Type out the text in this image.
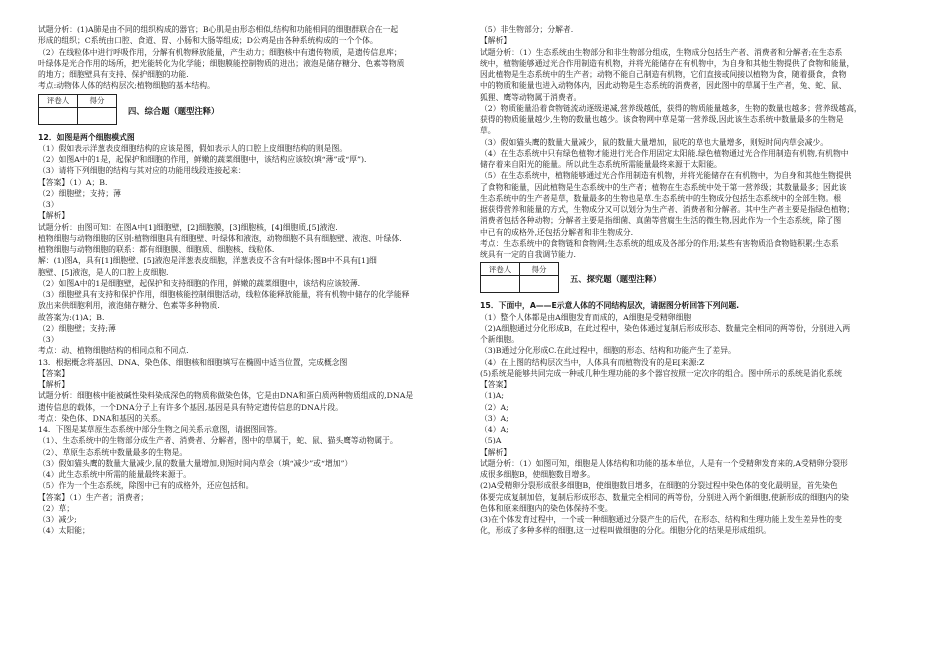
试题分析：(1)A肺是由不同的组织构成的器官；B心肌是由形态相似,结构和功能相同的细胞群联合在一起
形成的组织；C系统由口腔、食道、胃、小肠和大肠等组成；D公鸡是由各种系统构成的一个个体。
（2）在线粒体中进行呼吸作用，分解有机物释放能量，产生动力；细胞核中有遗传物质，是遗传信息库；
叶绿体是光合作用的场所，把光能转化为化学能；细胞膜能控制物质的进出；液泡是储存糖分、色素等物质
的地方；细胞壁具有支持、保护细胞的功能.
考点:动物体人体的结构层次;植物细胞的基本结构。
评卷人	得分

四、综合题（题型注释）
12．如图是两个细胞模式图
（1）假如表示洋葱表皮细胞结构的应该是图，假如表示人的口腔上皮细胞结构的则是图。
（2）如图A中的1是，起保护和细胞的作用，鲜嫩的蔬菜细胞中，该结构应该较(填“薄”或“厚”)．
（3）请将下列细胞的结构与其对应的功能用线段连接起来：
【答案】（1）A；B.
（2）细胞壁；支持；薄
（3）
【解析】
试题分析：由图可知：在图A中[1]细胞壁，[2]细胞膜，[3]细胞核，[4]细胞质,[5]液泡.
植物细胞与动物细胞的区别:植物细胞具有细胞壁、叶绿体和液泡，动物细胞不具有细胞壁、液泡、叶绿体.
植物细胞与动物细胞的联系：都有细胞膜、细胞质、细胞核、线粒体.
解：(1)图A，具有[1]细胞壁、[5]液泡是洋葱表皮细胞，洋葱表皮不含有叶绿体;图B中不具有[1]细
胞壁、[5]液泡，是人的口腔上皮细胞．
（2）如图A中的1是细胞壁，起保护和支持细胞的作用，鲜嫩的蔬菜细胞中，该结构应该较薄.
（3）细胞壁具有支持和保护作用，细胞核能控制细胞活动，线粒体能释放能量，将有机物中储存的化学能释
放出来供细胞利用，液泡储存糖分、色素等多种物质．
故答案为:(1)A；B.
（2）细胞壁；支持;薄
（3）
考点：动、植物细胞结构的相同点和不同点.
13．根据概念将基因、DNA、染色体、细胞核和细胞填写在椭圆中适当位置，完成概念图
【答案】
【解析】
试题分析：细胞核中能被碱性染料染成深色的物质称做染色体，它是由DNA和蛋白质两种物质组成的,DNA是
遗传信息的载体，一个DNA分子上有许多个基因,基因是具有特定遗传信息的DNA片段。
考点：染色体、DNA和基因的关系。
14．下图是某草原生态系统中部分生物之间关系示意图，请据图回答。
（1）、生态系统中的生物部分成生产者、消费者、分解者，图中的草属于，蛇、鼠、猫头鹰等动物属于。
（2）、草原生态系统中数量最多的生物是。
（3）假如猫头鹰的数量大量减少,鼠的数量大量增加,则短时间内草会（填“减少”或“增加”）
（4）此生态系统中所需的能量最终来源于。
（5）作为一个生态系统，除图中已有的成格外，还应包括和。
【答案】（1）生产者；消费者；
（2）草；
（3）减少;
（4）太阳能；
（5）非生物部分；分解者.
【解析】
试题分析：（1）生态系统由生物部分和非生物部分组成，生物成分包括生产者、消费者和分解者;在生态系
统中，植物能够通过光合作用制造有机物，并将光能储存在有机物中，为自身和其他生物提供了食物和能量，
因此植物是生态系统中的生产者；动物不能自己制造有机物，它们直接或间接以植物为食，随着摄食，食物
中的物质和能量也进入动物体内，因此动物是生态系统的消费者，因此图中的草属于生产者，兔、蛇、鼠、
狐狸、鹰等动物属于消费者。
（2）物质能量沿着食物链流动逐级递减,营养级越低，获得的物质能量越多，生物的数量也越多；营养级越高，
获得的物质能量越少,生物的数量也越少。该食物网中草是第一营养级,因此该生态系统中数量最多的生物是
草。
（3）假如猫头鹰的数量大量减少，鼠的数量大量增加，鼠吃的草也大量增多，则短时间内草会减少。
（4）在生态系统中只有绿色植物才能进行光合作用固定太阳能.绿色植物通过光合作用制造有机物,有机物中
储存着来自阳光的能量。所以此生态系统所需能量最终来源于太阳能。
（5）在生态系统中，植物能够通过光合作用制造有机物，并将光能储存在有机物中，为自身和其他生物提供
了食物和能量，因此植物是生态系统中的生产者；植物在生态系统中处于第一营养级；其数量最多；因此该
生态系统中的生产者是草，数量最多的生物也是草.生态系统中的生物成分包括生态系统中的全部生物。根
据获得营养和能量的方式，生物成分又可以划分为生产者、消费者和分解者。其中生产者主要是指绿色植物；
消费者包括各种动物；分解者主要是指细菌、真菌等营腐生生活的微生物,因此作为一个生态系统，除了图
中已有的成格外,还包括分解者和非生物成分.
考点：生态系统中的食物链和食物网;生态系统的组成及各部分的作用;某些有害物质沿食物链积累;生态系
统具有一定的自我调节能力.
评卷人	得分

五、探究题（题型注释）
15．下面中，A——E示意人体的不同结构层次，请据图分析回答下列问题.
（1）整个人体都是由A细胞发育而成的，A细胞是受精卵细胞
（2)A细胞通过分化形成B，在此过程中，染色体通过复制后形成形态、数量完全相同的两等份，分别进入两
个新细胞。
（3)B通过分化形成C.在此过程中，细胞的形态、结构和功能产生了差异。
（4）在上图的结构层次当中，人体具有而植物没有的是E[来源:Z
(5)系统是能够共同完成一种或几种生理功能的多个器官按照一定次序的组合。图中所示的系统是消化系统
【答案】
（1)A;
（2）A;
（3）A;
（4）A;
（5)A
【解析】
试题分析：（1）如图可知，细胞是人体结构和功能的基本单位，人是有一个受精卵发育来的,A受精卵分裂形
成很多细胞B，使细胞数目增多。
(2)A受精卵分裂形成很多细胞B，使细胞数目增多，在细胞的分裂过程中染色体的变化最明显，首先染色
体要完成复制加倍，复制后形成形态、数量完全相同的两等份，分别进入两个新细胞,使新形成的细胞内的染
色体和原来细胞内的染色体保持不变。
(3)在个体发育过程中，一个或一种细胞通过分裂产生的后代，在形态、结构和生理功能上发生差异性的变
化，形成了多种多样的细胞,这一过程叫做细胞的分化。细胞分化的结果是形成组织。
